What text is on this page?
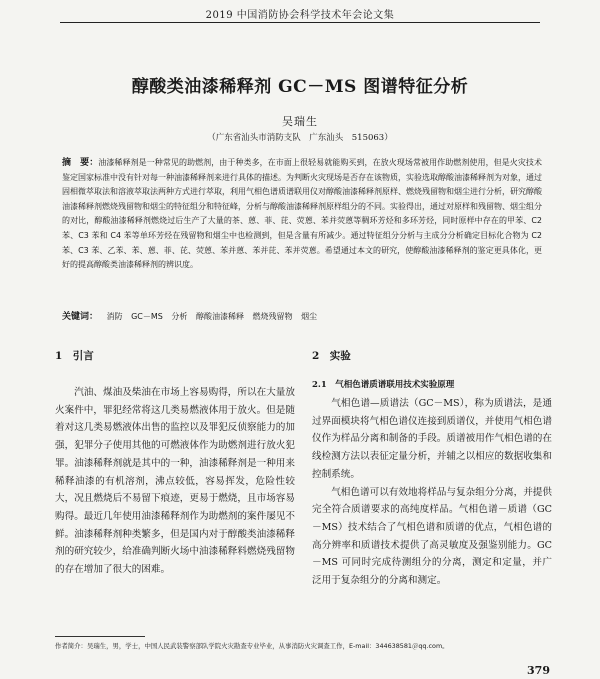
2019 中国消防协会科学技术年会论文集
醇酸类油漆稀释剂 GC－MS 图谱特征分析
吴瑞生
（广东省汕头市消防支队　广东汕头　515063）
摘　要：油漆稀释剂是一种常见的助燃剂，由于种类多，在市面上很轻易就能购买到，在放火现场常被用作助燃剂使用，但是火灾技术鉴定国家标准中没有针对每一种油漆稀释剂来进行具体的描述。为判断火灾现场是否存在该物质，实验选取醇酸油漆稀释剂为对象，通过固相微萃取法和溶液萃取法两种方式进行萃取，利用气相色谱质谱联用仪对醇酸油漆稀释剂原样、燃烧残留物和烟尘进行分析，研究醇酸油漆稀释剂燃烧残留物和烟尘的特征组分和特征峰，分析与醇酸油漆稀释剂原样组分的不同。实验得出，通过对原样和残留物、烟尘组分的对比，醇酸油漆稀释剂燃烧过后生产了大量的茶、蒽、菲、芘、荧蒽、苯并荧蒽等稠环芳烃和多环芳烃，同时原样中存在的甲苯、C2 苯、C3 苯和 C4 苯等单环芳烃在残留物和烟尘中也检测到，但是含量有所减少。通过特征组分分析与主成分分析确定目标化合物为 C2 苯、C3 苯、乙苯、苯、蒽、菲、芘、荧蒽、苯并蒽、苯并芘、苯并荧蒽。希望通过本文的研究，使醇酸油漆稀释剂的鉴定更具体化，更好的提高醇酸类油漆稀释剂的辨识度。
关键词： 消防 GC－MS 分析 醇酸油漆稀释 燃烧残留物 烟尘
1　引言

汽油、煤油及柴油在市场上容易购得，所以在大量放火案件中，罪犯经常将这几类易燃液体用于放火。但是随着对这几类易燃液体出售的监控以及罪犯反侦察能力的加强，犯罪分子使用其他的可燃液体作为助燃剂进行放火犯罪。油漆稀释剂就是其中的一种，油漆稀释剂是一种用来稀释油漆的有机溶剂，沸点较低，容易挥发，危险性较大，况且燃烧后不易留下痕迹，更易于燃烧，且市场容易购得。最近几年使用油漆稀释剂作为助燃剂的案件屡见不鲜。油漆稀释剂种类繁多，但是国内对于醇酸类油漆稀释剂的研究较少，给准确判断火场中油漆稀释料燃烧残留物的存在增加了很大的困难。

2　实验
2.1　气相色谱质谱联用技术实验原理

气相色谱—质谱法（GC－MS），称为质谱法，是通过界面模块将气相色谱仪连接到质谱仪，并使用气相色谱仪作为样品分离和制备的手段。质谱被用作气相色谱的在线检测方法以表征定量分析，并辅之以相应的数据收集和控制系统。

气相色谱可以有效地将样品与复杂组分分离，并提供完全符合质谱要求的高纯度样品。气相色谱－质谱（GC－MS）技术结合了气相色谱和质谱的优点，气相色谱的高分辨率和质谱技术提供了高灵敏度及强鉴别能力。GC－MS 可同时完成待测组分的分离，测定和定量，并广泛用于复杂组分的分离和测定。

作者简介：吴瑞生，男，学士，中国人民武装警察部队学院火灾勘查专业毕业，从事消防火灾调查工作，E-mail：344638581＠qq.com。
379
